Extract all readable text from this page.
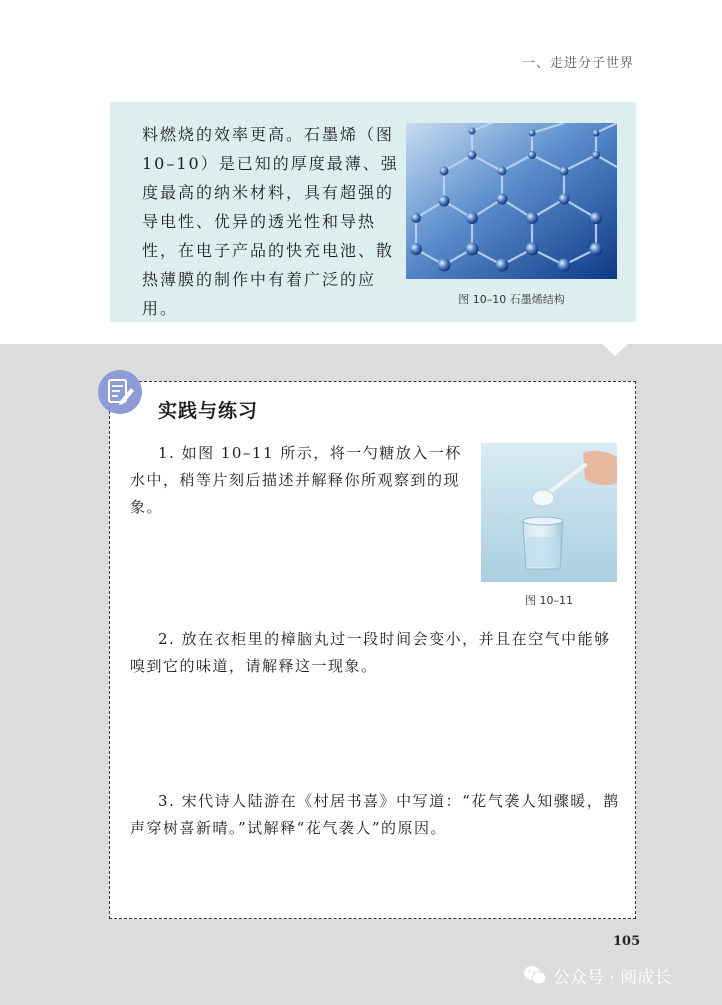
一、走进分子世界
料燃烧的效率更高。石墨烯（图10–10）是已知的厚度最薄、强度最高的纳米材料，具有超强的导电性、优异的透光性和导热性，在电子产品的快充电池、散热薄膜的制作中有着广泛的应用。	图 10–10 石墨烯结构
实践与练习
1. 如图 10–11 所示，将一勺糖放入一杯水中，稍等片刻后描述并解释你所观察到的现象。
图 10–11
2. 放在衣柜里的樟脑丸过一段时间会变小，并且在空气中能够嗅到它的味道，请解释这一现象。
3. 宋代诗人陆游在《村居书喜》中写道：“花气袭人知骤暖，鹊声穿树喜新晴。”试解释“花气袭人”的原因。
105
公众号 · 阅成长
